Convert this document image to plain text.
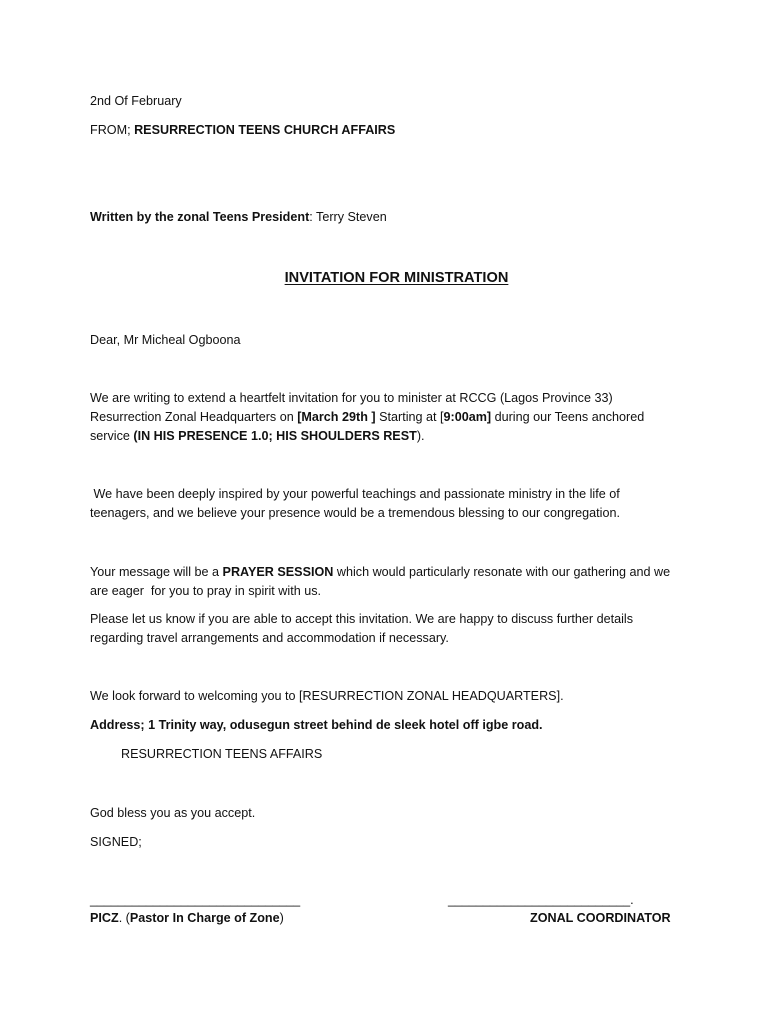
2nd Of February
FROM; RESURRECTION TEENS CHURCH AFFAIRS
Written by the zonal Teens President: Terry Steven
INVITATION FOR MINISTRATION
Dear, Mr Micheal Ogboona
We are writing to extend a heartfelt invitation for you to minister at RCCG (Lagos Province 33)
Resurrection Zonal Headquarters on [March 29th ] Starting at [9:00am] during our Teens anchored
service (IN HIS PRESENCE 1.0; HIS SHOULDERS REST).
We have been deeply inspired by your powerful teachings and passionate ministry in the life of
teenagers, and we believe your presence would be a tremendous blessing to our congregation.
Your message will be a PRAYER SESSION which would particularly resonate with our gathering and we
are eager  for you to pray in spirit with us.
Please let us know if you are able to accept this invitation. We are happy to discuss further details
regarding travel arrangements and accommodation if necessary.
We look forward to welcoming you to [RESURRECTION ZONAL HEADQUARTERS].
Address; 1 Trinity way, odusegun street behind de sleek hotel off igbe road.
RESURRECTION TEENS AFFAIRS
God bless you as you accept.
SIGNED;
______________________________	__________________________.
PICZ. (Pastor In Charge of Zone)	ZONAL COORDINATOR
